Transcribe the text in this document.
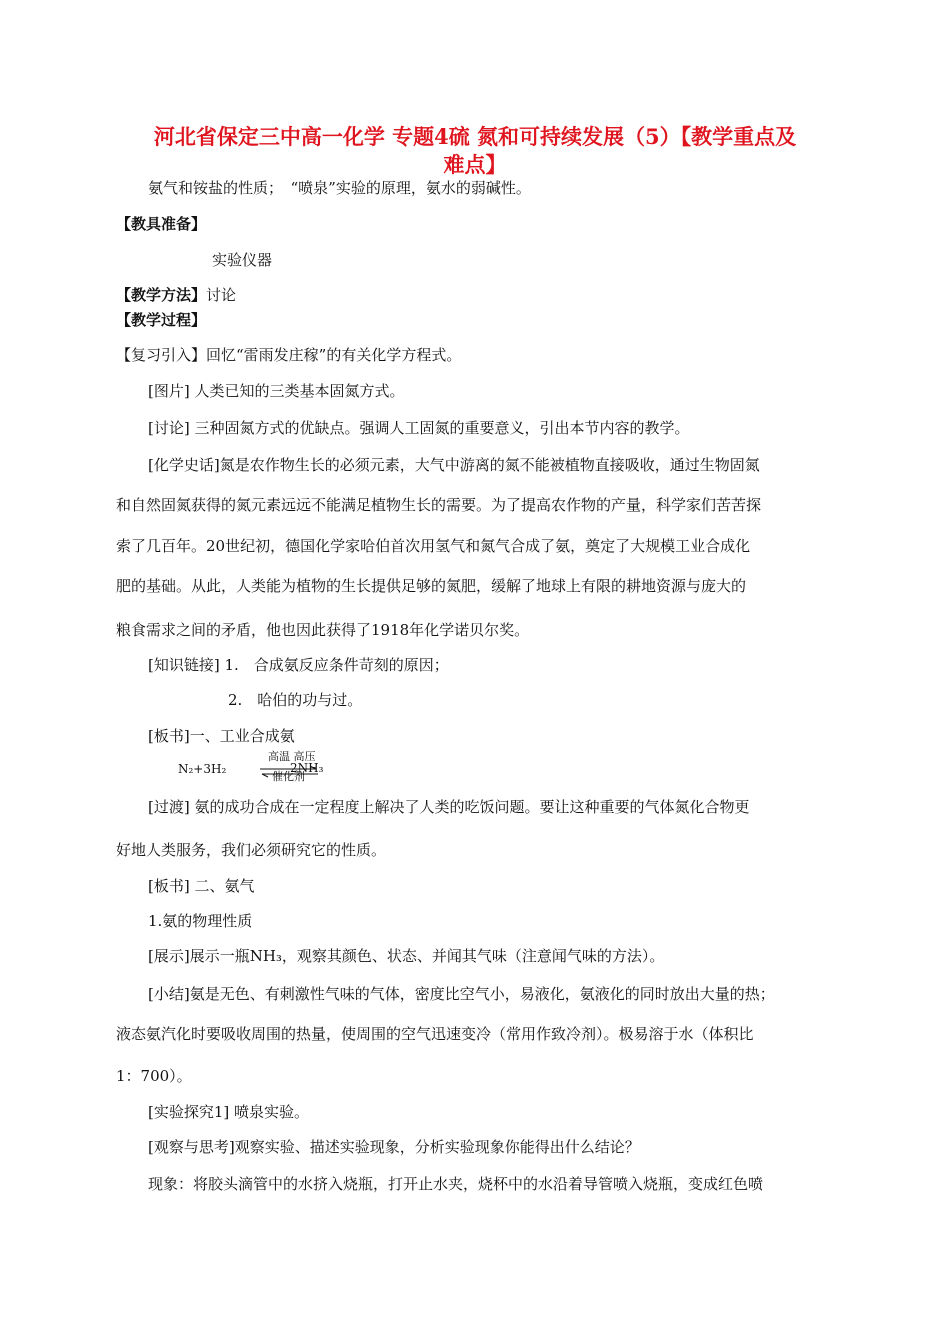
河北省保定三中高一化学 专题4硫 氮和可持续发展（5）【教学重点及
难点】
氨气和铵盐的性质；　“喷泉”实验的原理，氨水的弱碱性。
【教具准备】
实验仪器
【教学方法】讨论
【教学过程】
【复习引入】回忆“雷雨发庄稼”的有关化学方程式。
[图片] 人类已知的三类基本固氮方式。
[讨论] 三种固氮方式的优缺点。强调人工固氮的重要意义，引出本节内容的教学。
[化学史话]氮是农作物生长的必须元素，大气中游离的氮不能被植物直接吸收，通过生物固氮
和自然固氮获得的氮元素远远不能满足植物生长的需要。为了提高农作物的产量，科学家们苦苦探
索了几百年。20世纪初，德国化学家哈伯首次用氢气和氮气合成了氨，奠定了大规模工业合成化
肥的基础。从此，人类能为植物的生长提供足够的氮肥，缓解了地球上有限的耕地资源与庞大的
粮食需求之间的矛盾，他也因此获得了1918年化学诺贝尔奖。
[知识链接] 1.　合成氨反应条件苛刻的原因；
2.　哈伯的功与过。
[板书]一、工业合成氨
N₂+3H₂
高温 高压
催化剂
2NH₃
[过渡] 氨的成功合成在一定程度上解决了人类的吃饭问题。要让这种重要的气体氮化合物更
好地人类服务，我们必须研究它的性质。
[板书] 二、氨气
1.氨的物理性质
[展示]展示一瓶NH₃，观察其颜色、状态、并闻其气味（注意闻气味的方法）。
[小结]氨是无色、有刺激性气味的气体，密度比空气小，易液化，氨液化的同时放出大量的热；
液态氨汽化时要吸收周围的热量，使周围的空气迅速变冷（常用作致冷剂）。极易溶于水（体积比
1：700）。
[实验探究1] 喷泉实验。
[观察与思考]观察实验、描述实验现象，分析实验现象你能得出什么结论？
现象：将胶头滴管中的水挤入烧瓶，打开止水夹，烧杯中的水沿着导管喷入烧瓶，变成红色喷
